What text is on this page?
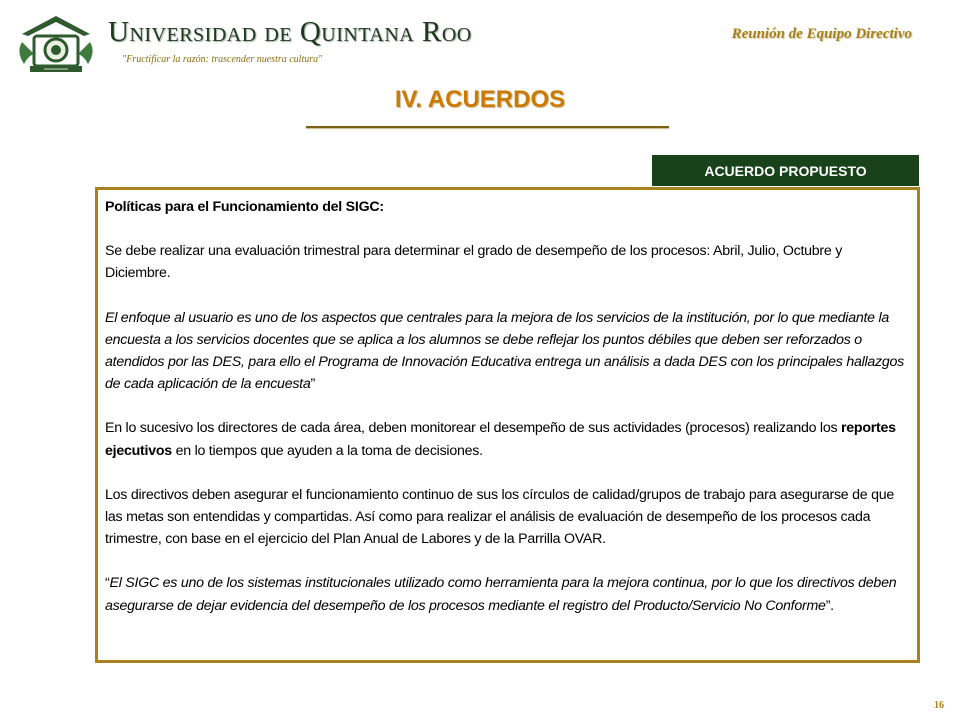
Universidad de Quintana Roo
"Fructificar la razón: trascender nuestra cultura"
Reunión de Equipo Directivo
IV. ACUERDOS
ACUERDO PROPUESTO

Políticas para el Funcionamiento del SIGC:

Se debe realizar una evaluación trimestral para determinar el grado de desempeño de los procesos: Abril, Julio, Octubre y Diciembre.

El enfoque al usuario es uno de los aspectos que centrales para la mejora de los servicios de la institución, por lo que mediante la encuesta a los servicios docentes que se aplica a los alumnos se debe reflejar los puntos débiles que deben ser reforzados o atendidos por las DES, para ello el Programa de Innovación Educativa entrega un análisis a dada DES con los principales hallazgos de cada aplicación de la encuesta”

En lo sucesivo los directores de cada área, deben monitorear el desempeño de sus actividades (procesos) realizando los reportes ejecutivos en lo tiempos que ayuden a la toma de decisiones.

Los directivos deben asegurar el funcionamiento continuo de sus los círculos de calidad/grupos de trabajo para asegurarse de que las metas son entendidas y compartidas. Así como para realizar el análisis de evaluación de desempeño de los procesos cada trimestre, con base en el ejercicio del Plan Anual de Labores y de la Parrilla OVAR.

“El SIGC es uno de los sistemas institucionales utilizado como herramienta para la mejora continua, por lo que los directivos deben asegurarse de dejar evidencia del desempeño de los procesos mediante el registro del Producto/Servicio No Conforme”.

16
